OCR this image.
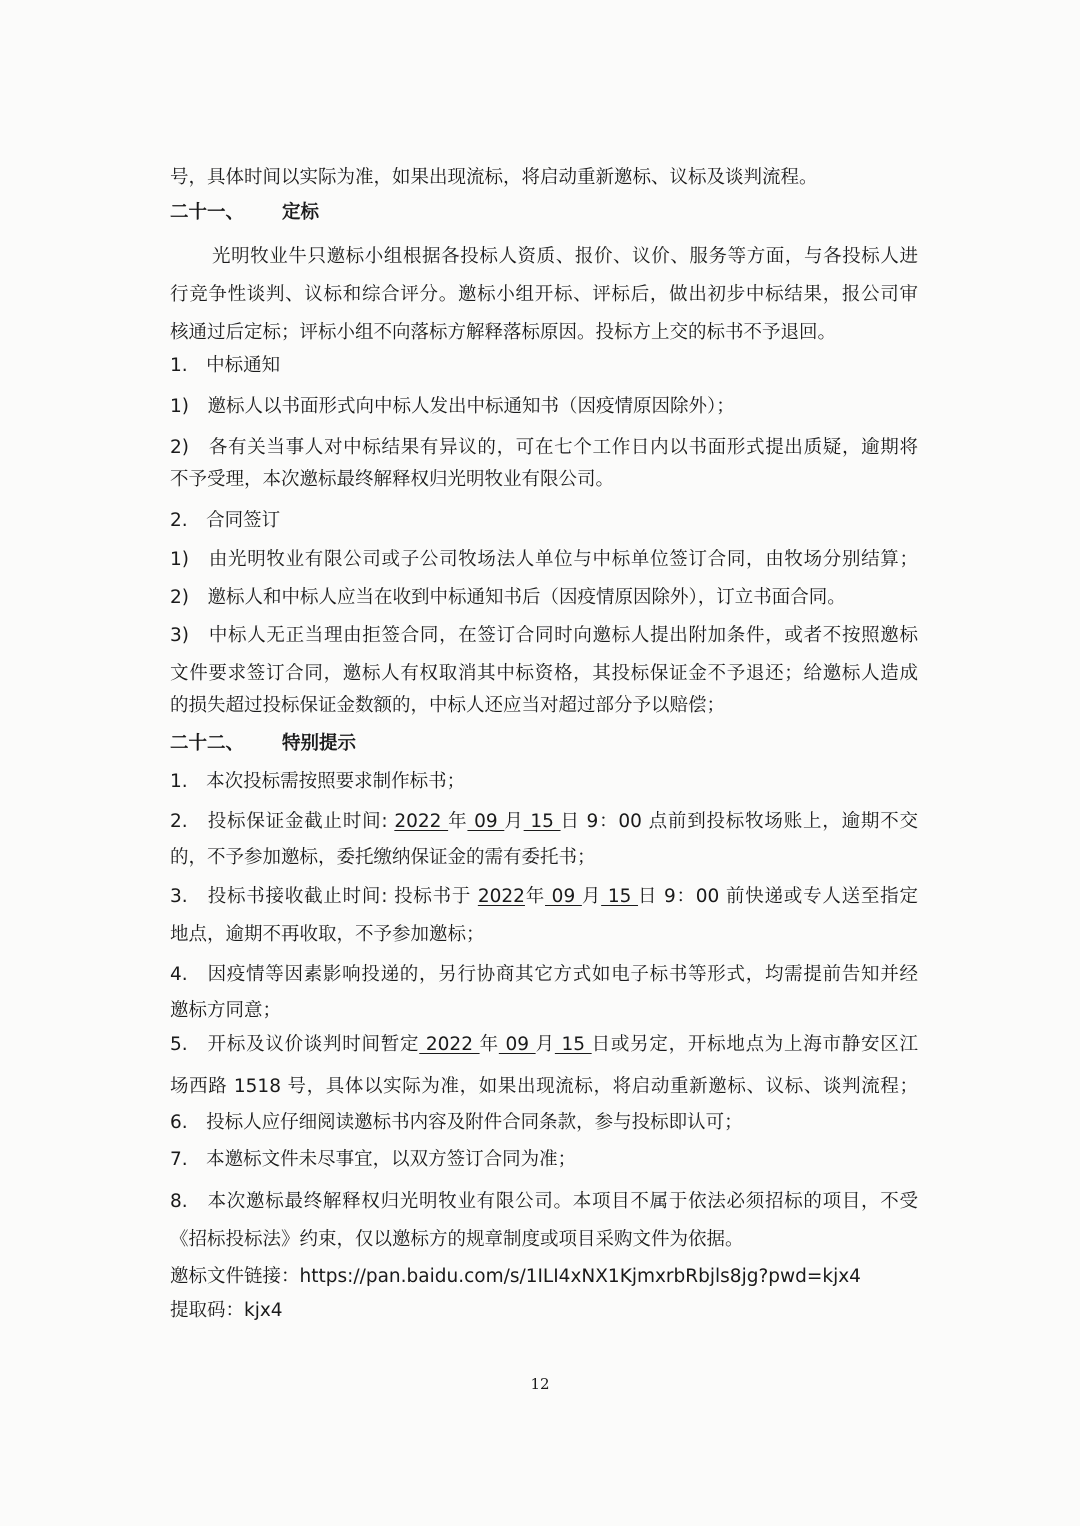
号，具体时间以实际为准，如果出现流标，将启动重新邀标、议标及谈判流程。
二十一、 定标
光明牧业牛只邀标小组根据各投标人资质、报价、议价、服务等方面，与各投标人进
行竞争性谈判、议标和综合评分。邀标小组开标、评标后，做出初步中标结果，报公司审
核通过后定标；评标小组不向落标方解释落标原因。投标方上交的标书不予退回。
1.　中标通知
1)　邀标人以书面形式向中标人发出中标通知书（因疫情原因除外）；
2)　各有关当事人对中标结果有异议的，可在七个工作日内以书面形式提出质疑，逾期将
不予受理，本次邀标最终解释权归光明牧业有限公司。
2.　合同签订
1)　由光明牧业有限公司或子公司牧场法人单位与中标单位签订合同，由牧场分别结算；
2)　邀标人和中标人应当在收到中标通知书后（因疫情原因除外），订立书面合同。
3)　中标人无正当理由拒签合同，在签订合同时向邀标人提出附加条件，或者不按照邀标
文件要求签订合同，邀标人有权取消其中标资格，其投标保证金不予退还；给邀标人造成
的损失超过投标保证金数额的，中标人还应当对超过部分予以赔偿；
二十二、 特别提示
1.　本次投标需按照要求制作标书；
2.　投标保证金截止时间: 2022 年 09 月 15 日 9：00 点前到投标牧场账上，逾期不交
的，不予参加邀标，委托缴纳保证金的需有委托书；
3.　投标书接收截止时间: 投标书于 2022年 09 月 15 日 9：00 前快递或专人送至指定
地点，逾期不再收取，不予参加邀标；
4.　因疫情等因素影响投递的，另行协商其它方式如电子标书等形式，均需提前告知并经
邀标方同意；
5.　开标及议价谈判时间暂定 2022 年 09 月 15 日或另定，开标地点为上海市静安区江
场西路 1518 号，具体以实际为准，如果出现流标，将启动重新邀标、议标、谈判流程；
6.　投标人应仔细阅读邀标书内容及附件合同条款，参与投标即认可；
7.　本邀标文件未尽事宜，以双方签订合同为准；
8.　本次邀标最终解释权归光明牧业有限公司。本项目不属于依法必须招标的项目，不受
《招标投标法》约束，仅以邀标方的规章制度或项目采购文件为依据。
邀标文件链接：https://pan.baidu.com/s/1ILI4xNX1KjmxrbRbjls8jg?pwd=kjx4
提取码：kjx4
12
